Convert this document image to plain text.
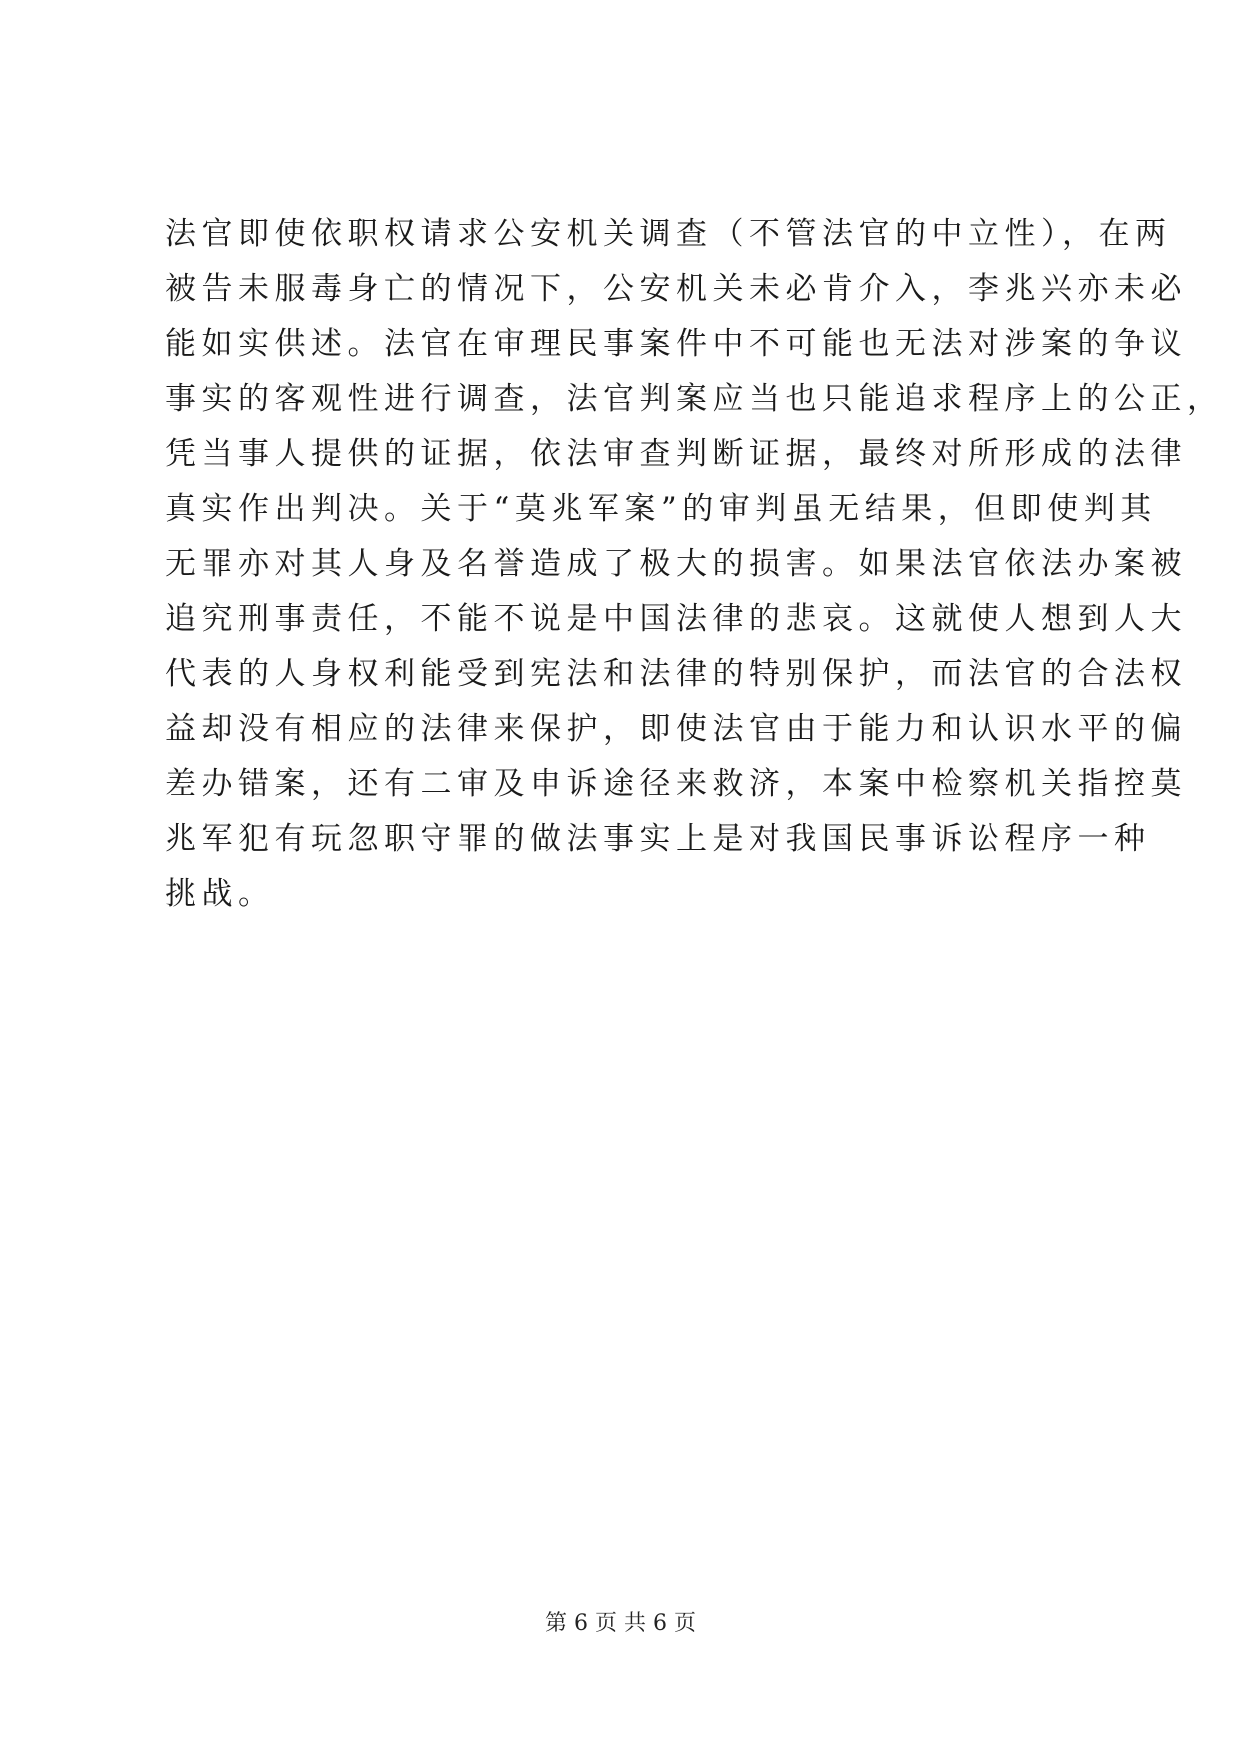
法官即使依职权请求公安机关调查（不管法官的中立性），在两
被告未服毒身亡的情况下，公安机关未必肯介入，李兆兴亦未必
能如实供述。法官在审理民事案件中不可能也无法对涉案的争议
事实的客观性进行调查，法官判案应当也只能追求程序上的公正，
凭当事人提供的证据，依法审查判断证据，最终对所形成的法律
真实作出判决。关于“莫兆军案”的审判虽无结果，但即使判其
无罪亦对其人身及名誉造成了极大的损害。如果法官依法办案被
追究刑事责任，不能不说是中国法律的悲哀。这就使人想到人大
代表的人身权利能受到宪法和法律的特别保护，而法官的合法权
益却没有相应的法律来保护，即使法官由于能力和认识水平的偏
差办错案，还有二审及申诉途径来救济，本案中检察机关指控莫
兆军犯有玩忽职守罪的做法事实上是对我国民事诉讼程序一种
挑战。
第 6 页 共 6 页
